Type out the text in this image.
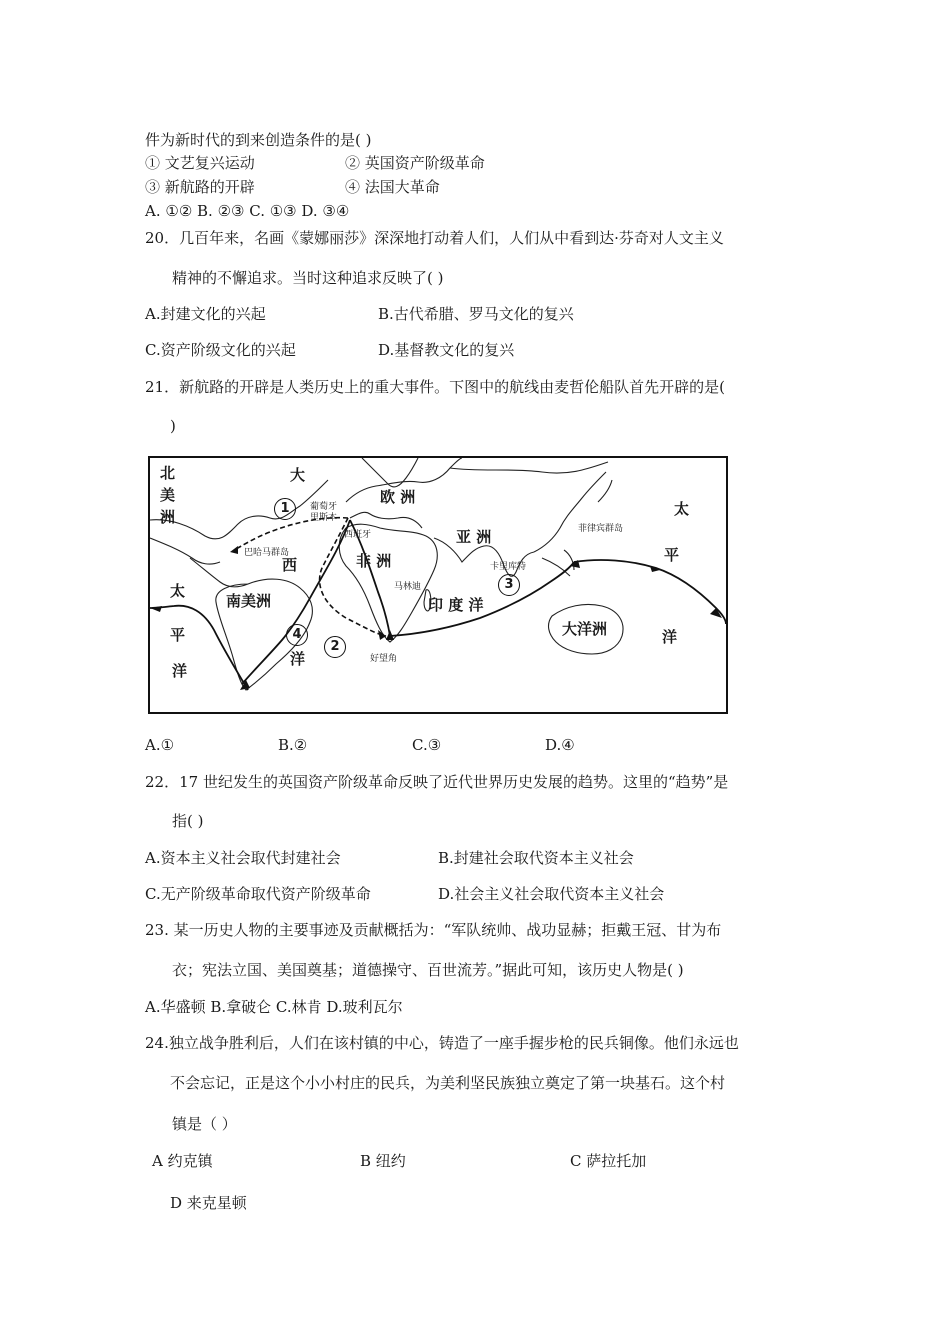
件为新时代的到来创造条件的是( )
① 文艺复兴运动	② 英国资产阶级革命
③ 新航路的开辟	④ 法国大革命
A. ①② B. ②③ C. ①③ D. ③④
20．几百年来，名画《蒙娜丽莎》深深地打动着人们，人们从中看到达·芬奇对人文主义
精神的不懈追求。当时这种追求反映了( )
A.封建文化的兴起	B.古代希腊、罗马文化的复兴
C.资产阶级文化的兴起	D.基督教文化的复兴
21．新航路的开辟是人类历史上的重大事件。下图中的航线由麦哲伦船队首先开辟的是(
)
北美洲
大
西
洋
欧 洲
亚 洲
非 洲
印 度 洋
南美洲
大洋洲
太
平
洋
太
平
洋
葡萄牙
里斯本
西班牙
巴哈马群岛
菲律宾群岛
卡里库特
马林迪
好望角
1
2
3
4
A.①	B.②	C.③	D.④
22．17 世纪发生的英国资产阶级革命反映了近代世界历史发展的趋势。这里的“趋势”是
指( )
A.资本主义社会取代封建社会	B.封建社会取代资本主义社会
C.无产阶级革命取代资产阶级革命	D.社会主义社会取代资本主义社会
23. 某一历史人物的主要事迹及贡献概括为：“军队统帅、战功显赫；拒戴王冠、甘为布
衣；宪法立国、美国奠基；道德操守、百世流芳。”据此可知，该历史人物是( )
A.华盛顿 B.拿破仑 C.林肯 D.玻利瓦尔
24.独立战争胜利后，人们在该村镇的中心，铸造了一座手握步枪的民兵铜像。他们永远也
不会忘记，正是这个小小村庄的民兵，为美利坚民族独立奠定了第一块基石。这个村
镇是（ ）
A 约克镇	B 纽约	C 萨拉托加
D 来克星顿
